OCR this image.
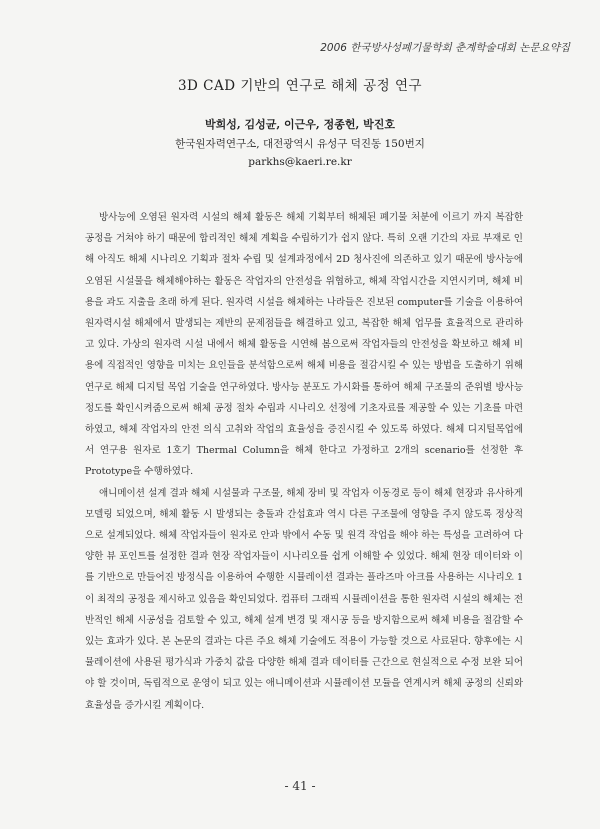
2006 한국방사성폐기물학회 춘계학술대회 논문요약집
3D CAD 기반의 연구로 해체 공정 연구
박희성, 김성균, 이근우, 정종헌, 박진호
한국원자력연구소, 대전광역시 유성구 덕진동 150번지
parkhs@kaeri.re.kr

방사능에 오염된 원자력 시설의 해체 활동은 해체 기획부터 해체된 폐기물 처분에 이르기 까지 복잡한 공정을 거쳐야 하기 때문에 합리적인 해체 계획을 수립하기가 쉽지 않다. 특히 오랜 기간의 자료 부재로 인해 아직도 해체 시나리오 기획과 절차 수립 및 설계과정에서 2D 청사진에 의존하고 있기 때문에 방사능에 오염된 시설물을 해체해야하는 활동은 작업자의 안전성을 위협하고, 해체 작업시간을 지연시키며, 해체 비용을 과도 지출을 초래 하게 된다. 원자력 시설을 해체하는 나라들은 진보된 computer를 기술을 이용하여 원자력시설 해체에서 발생되는 제반의 문제점들을 해결하고 있고, 복잡한 해체 업무를 효율적으로 관리하고 있다. 가상의 원자력 시설 내에서 해체 활동을 시연해 봄으로써 작업자들의 안전성을 확보하고 해체 비용에 직접적인 영향을 미치는 요인들을 분석함으로써 해체 비용을 절감시킬 수 있는 방법을 도출하기 위해 연구로 해체 디지털 목업 기술을 연구하였다. 방사능 분포도 가시화를 통하여 해체 구조물의 준위별 방사능 정도를 확인시켜줌으로써 해체 공정 절차 수립과 시나리오 선정에 기초자료를 제공할 수 있는 기초를 마련하였고, 해체 작업자의 안전 의식 고취와 작업의 효율성을 증진시킬 수 있도록 하였다. 해체 디지털목업에서 연구용 원자로 1호기 Thermal Column을 해체 한다고 가정하고 2개의 scenario를 선정한 후 Prototype을 수행하였다.

애니메이션 설계 결과 해체 시설물과 구조물, 해체 장비 및 작업자 이동경로 등이 해체 현장과 유사하게 모델링 되었으며, 해체 활동 시 발생되는 충돌과 간섭효과 역시 다른 구조물에 영향을 주지 않도록 정상적으로 설계되었다. 해체 작업자들이 원자로 안과 밖에서 수동 및 원격 작업을 해야 하는 특성을 고려하여 다양한 뷰 포인트를 설정한 결과 현장 작업자들이 시나리오를 쉽게 이해할 수 있었다. 해체 현장 데이터와 이를 기반으로 만들어진 방정식을 이용하여 수행한 시뮬레이션 결과는 플라즈마 아크를 사용하는 시나리오 1이 최적의 공정을 제시하고 있음을 확인되었다. 컴퓨터 그래픽 시뮬레이션을 통한 원자력 시설의 해체는 전반적인 해체 시공성을 검토할 수 있고, 해체 설계 변경 및 재시공 등을 방지함으로써 해체 비용을 절감할 수 있는 효과가 있다. 본 논문의 결과는 다른 주요 해체 기술에도 적용이 가능할 것으로 사료된다. 향후에는 시뮬레이션에 사용된 평가식과 가중치 값을 다양한 해체 결과 데이터를 근간으로 현실적으로 수정 보완 되어야 할 것이며, 독립적으로 운영이 되고 있는 애니메이션과 시뮬레이션 모듈을 연계시켜 해체 공정의 신뢰와 효율성을 증가시킬 계획이다.

- 41 -
